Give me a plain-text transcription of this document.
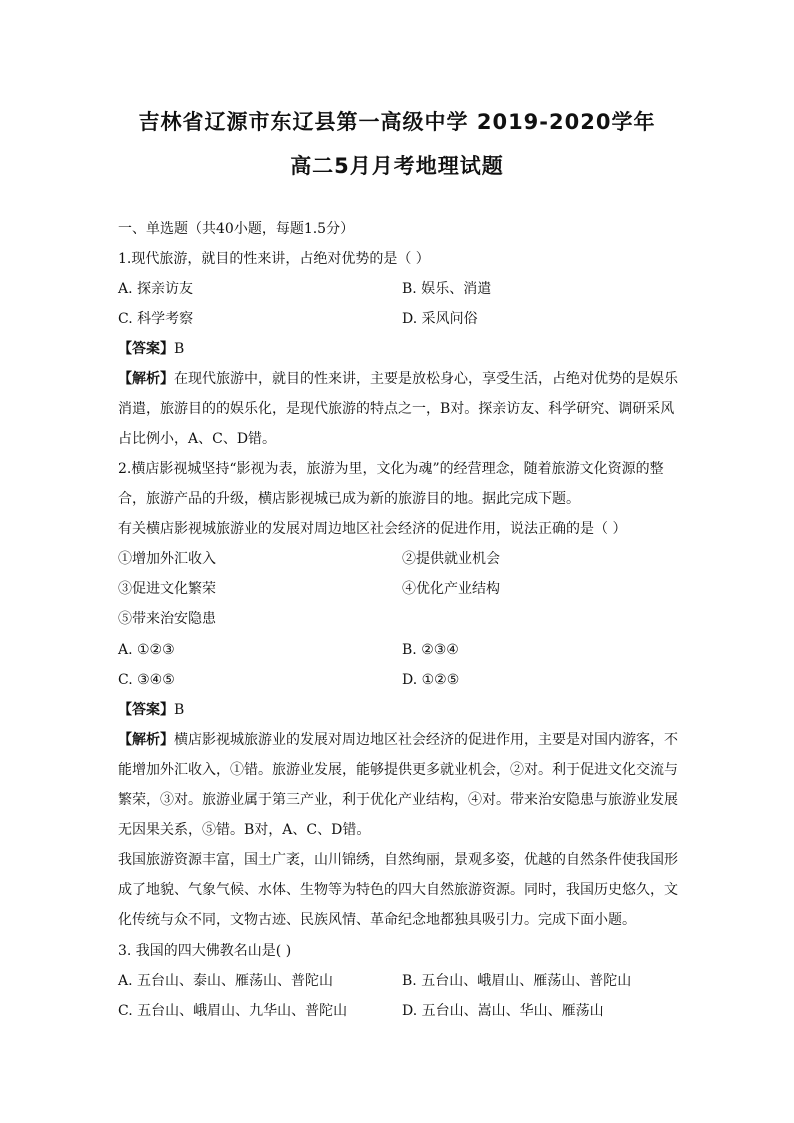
吉林省辽源市东辽县第一高级中学 2019-2020学年
高二5月月考地理试题
一、单选题（共40小题，每题1.5分）
1.现代旅游，就目的性来讲，占绝对优势的是（ ）
A. 探亲访友	B. 娱乐、消遣
C. 科学考察	D. 采风问俗
【答案】B
【解析】在现代旅游中，就目的性来讲，主要是放松身心，享受生活，占绝对优势的是娱乐
消遣，旅游目的的娱乐化，是现代旅游的特点之一，B对。探亲访友、科学研究、调研采风
占比例小，A、C、D错。
2.横店影视城坚持“影视为表，旅游为里，文化为魂”的经营理念，随着旅游文化资源的整
合，旅游产品的升级，横店影视城已成为新的旅游目的地。据此完成下题。
有关横店影视城旅游业的发展对周边地区社会经济的促进作用，说法正确的是（ ）
①增加外汇收入	②提供就业机会
③促进文化繁荣	④优化产业结构
⑤带来治安隐患
A. ①②③	B. ②③④
C. ③④⑤	D. ①②⑤
【答案】B
【解析】横店影视城旅游业的发展对周边地区社会经济的促进作用，主要是对国内游客，不
能增加外汇收入，①错。旅游业发展，能够提供更多就业机会，②对。利于促进文化交流与
繁荣，③对。旅游业属于第三产业，利于优化产业结构，④对。带来治安隐患与旅游业发展
无因果关系，⑤错。B对，A、C、D错。
我国旅游资源丰富，国土广袤，山川锦绣，自然绚丽，景观多姿，优越的自然条件使我国形
成了地貌、气象气候、水体、生物等为特色的四大自然旅游资源。同时，我国历史悠久，文
化传统与众不同，文物古迹、民族风情、革命纪念地都独具吸引力。完成下面小题。
3. 我国的四大佛教名山是( )
A. 五台山、泰山、雁荡山、普陀山	B. 五台山、峨眉山、雁荡山、普陀山
C. 五台山、峨眉山、九华山、普陀山	D. 五台山、嵩山、华山、雁荡山
